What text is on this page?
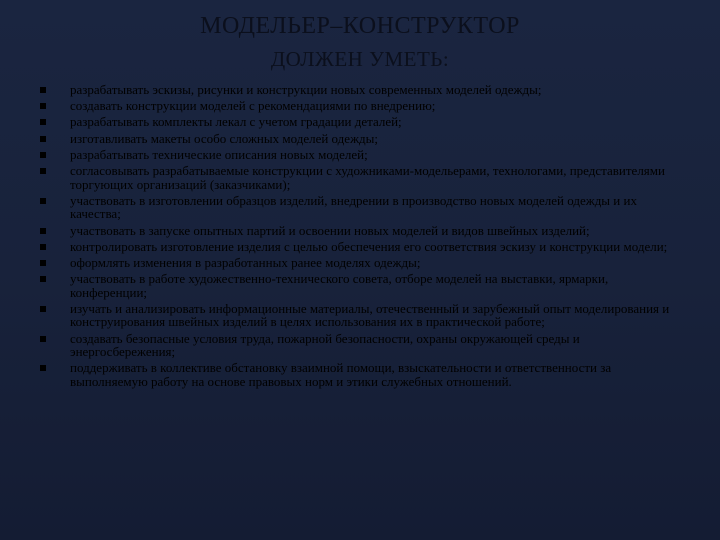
МОДЕЛЬЕР–КОНСТРУКТОР
ДОЛЖЕН УМЕТЬ:
разрабатывать эскизы, рисунки и конструкции новых современных моделей одежды;
создавать конструкции моделей с рекомендациями по внедрению;
разрабатывать комплекты лекал с учетом градации деталей;
изготавливать макеты особо сложных моделей одежды;
разрабатывать технические описания новых моделей;
согласовывать разрабатываемые конструкции с художниками-модельерами, технологами, представителями торгующих организаций (заказчиками);
участвовать в изготовлении образцов изделий, внедрении в производство новых моделей одежды и их качества;
участвовать в запуске опытных партий и освоении новых моделей и видов швейных изделий;
контролировать изготовление изделия с целью обеспечения его соответствия эскизу и конструкции модели;
оформлять изменения в разработанных ранее моделях одежды;
участвовать в работе художественно-технического совета, отборе моделей на выставки, ярмарки, конференции;
изучать и анализировать информационные материалы, отечественный и зарубежный опыт моделирования и конструирования швейных изделий в целях использования их в практической работе;
создавать безопасные условия труда, пожарной безопасности, охраны окружающей среды и энергосбережения;
поддерживать в коллективе обстановку взаимной помощи, взыскательности и ответственности за выполняемую работу на основе правовых норм и этики служебных отношений.
